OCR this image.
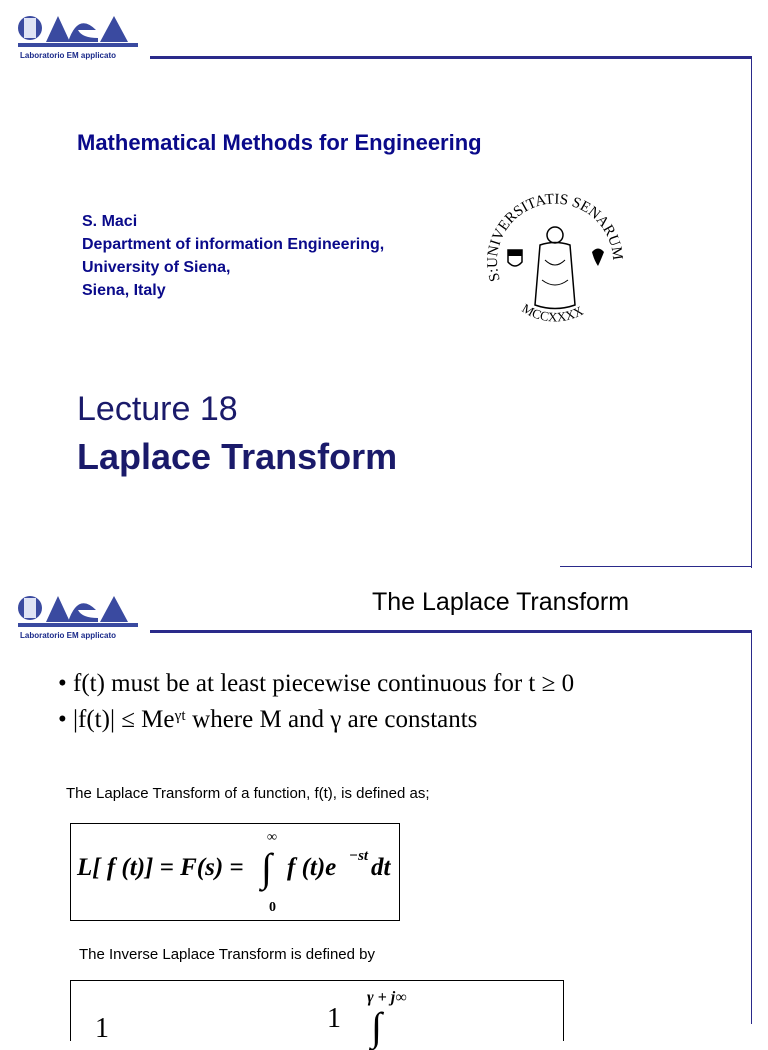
Laboratorio EM applicato
Mathematical Methods for Engineering
S. Maci
Department of information Engineering,
University of Siena,
Siena, Italy
S:UNIVERSITATIS SENARUM
MCCXXXX
Lecture 18
Laplace Transform
Laboratorio EM applicato
The Laplace Transform
• f(t) must be at least piecewise continuous for t ≥ 0
• |f(t)| ≤ Meᵞᵗ where M and γ are constants
The Laplace Transform of a function, f(t), is defined as;
L[ f (t)] = F(s) = ∫
∞
0
f (t)e −st dt
The Inverse Laplace Transform is defined by
1	1
γ + j∞
∫
